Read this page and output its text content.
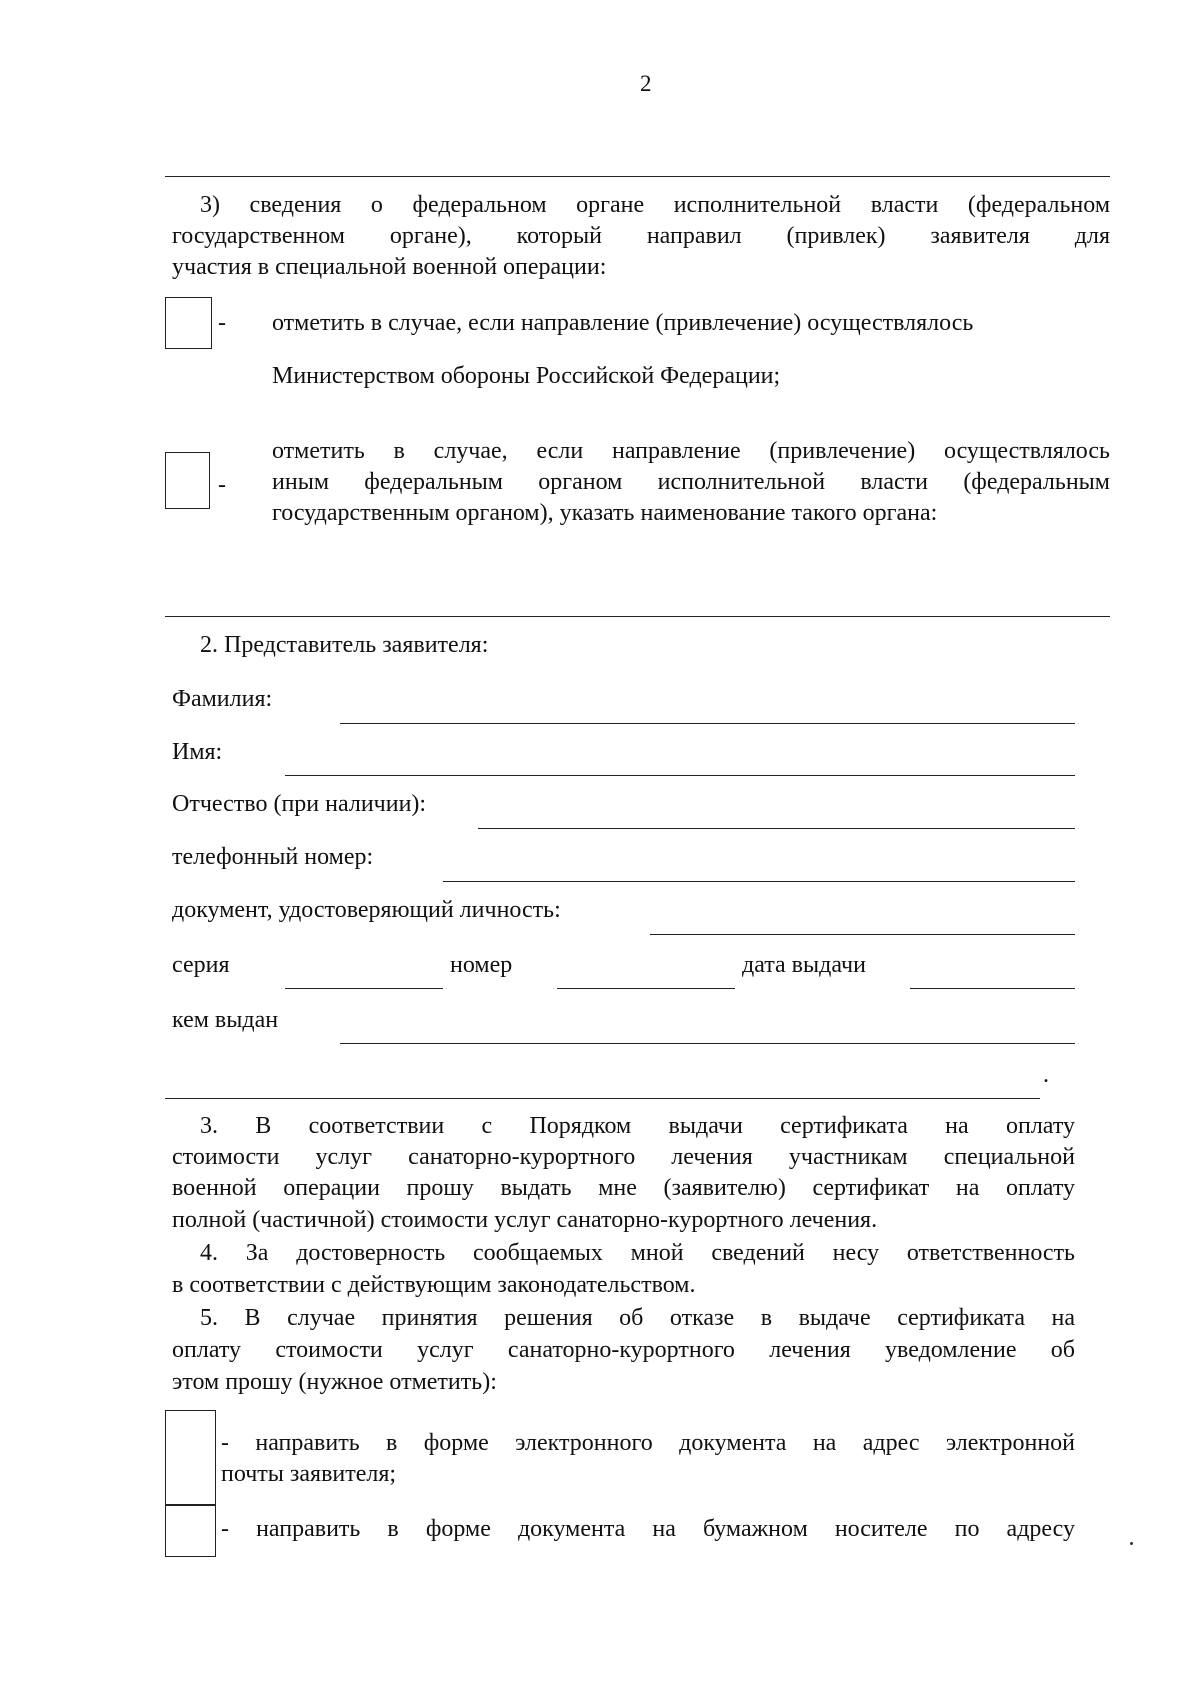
2
3) сведения о федеральном органе исполнительной власти (федеральном
государственном органе), который направил (привлек) заявителя для
участия в специальной военной операции:
- отметить в случае, если направление (привлечение) осуществлялось
Министерством обороны Российской Федерации;
-
отметить в случае, если направление (привлечение) осуществлялось
иным федеральным органом исполнительной власти (федеральным
государственным органом), указать наименование такого органа:
2. Представитель заявителя:
Фамилия:
Имя:
Отчество (при наличии):
телефонный номер:
документ, удостоверяющий личность:
серия	номер	дата выдачи
кем выдан
.
3. В соответствии с Порядком выдачи сертификата на оплату
стоимости услуг санаторно-курортного лечения участникам специальной
военной операции прошу выдать мне (заявителю) сертификат на оплату
полной (частичной) стоимости услуг санаторно-курортного лечения.
4. За достоверность сообщаемых мной сведений несу ответственность
в соответствии с действующим законодательством.
5. В случае принятия решения об отказе в выдаче сертификата на
оплату стоимости услуг санаторно-курортного лечения уведомление об
этом прошу (нужное отметить):
- направить в форме электронного документа на адрес электронной
почты заявителя;
- направить в форме документа на бумажном носителе по адресу
